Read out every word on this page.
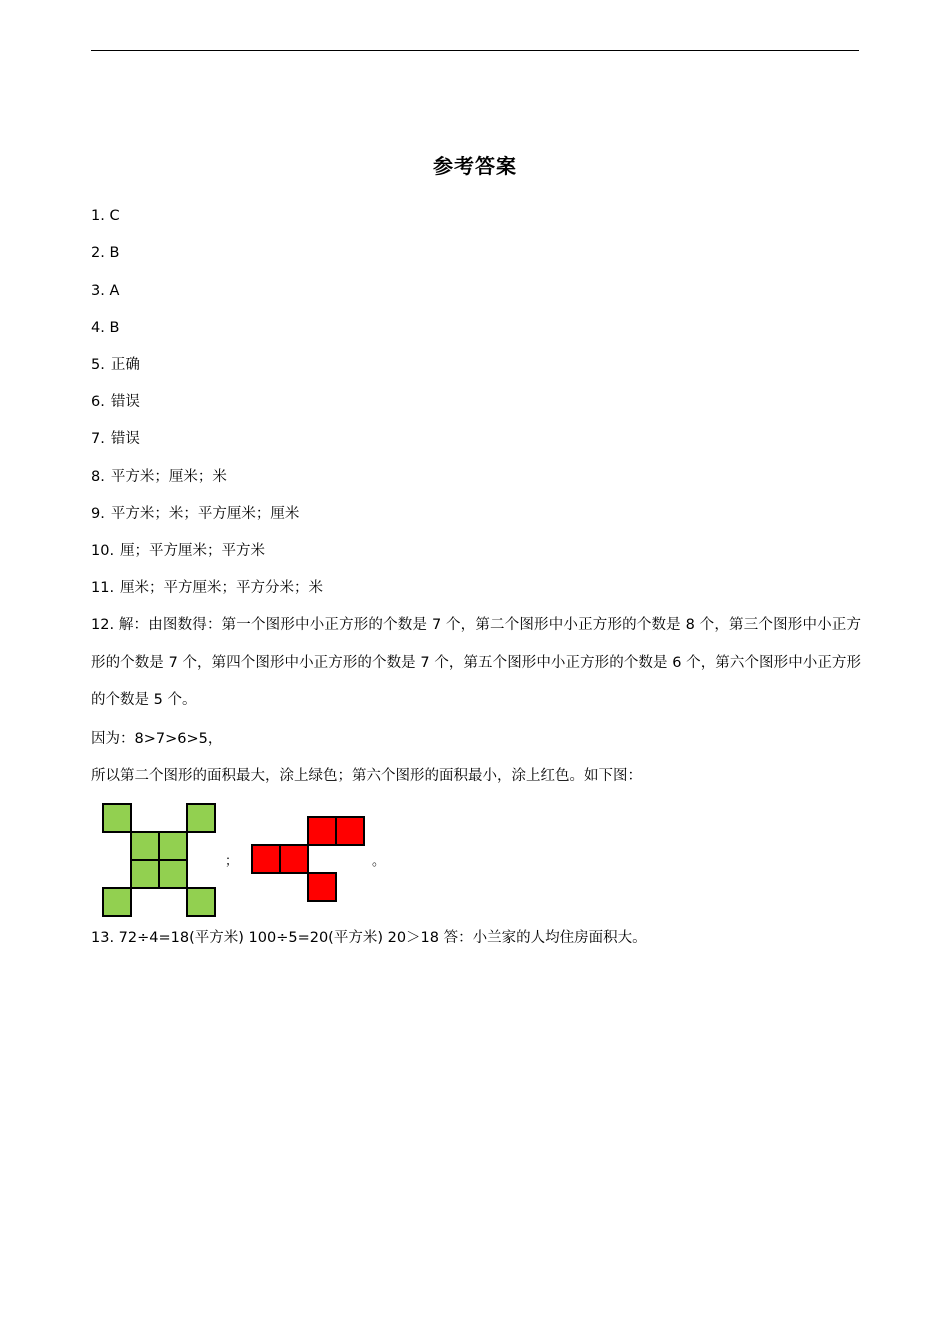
参考答案
1. C
2. B
3. A
4. B
5. 正确
6. 错误
7. 错误
8. 平方米；厘米；米
9. 平方米；米；平方厘米；厘米
10. 厘；平方厘米；平方米
11. 厘米；平方厘米；平方分米；米
12. 解：由图数得：第一个图形中小正方形的个数是 7 个，第二个图形中小正方形的个数是 8 个，第三个图形中小正方形的个数是 7 个，第四个图形中小正方形的个数是 7 个，第五个图形中小正方形的个数是 6 个，第六个图形中小正方形的个数是 5 个。
因为：8>7>6>5，
所以第二个图形的面积最大，涂上绿色；第六个图形的面积最小，涂上红色。如下图：
；	。
13. 72÷4=18(平方米) 100÷5=20(平方米) 20＞18 答：小兰家的人均住房面积大。
